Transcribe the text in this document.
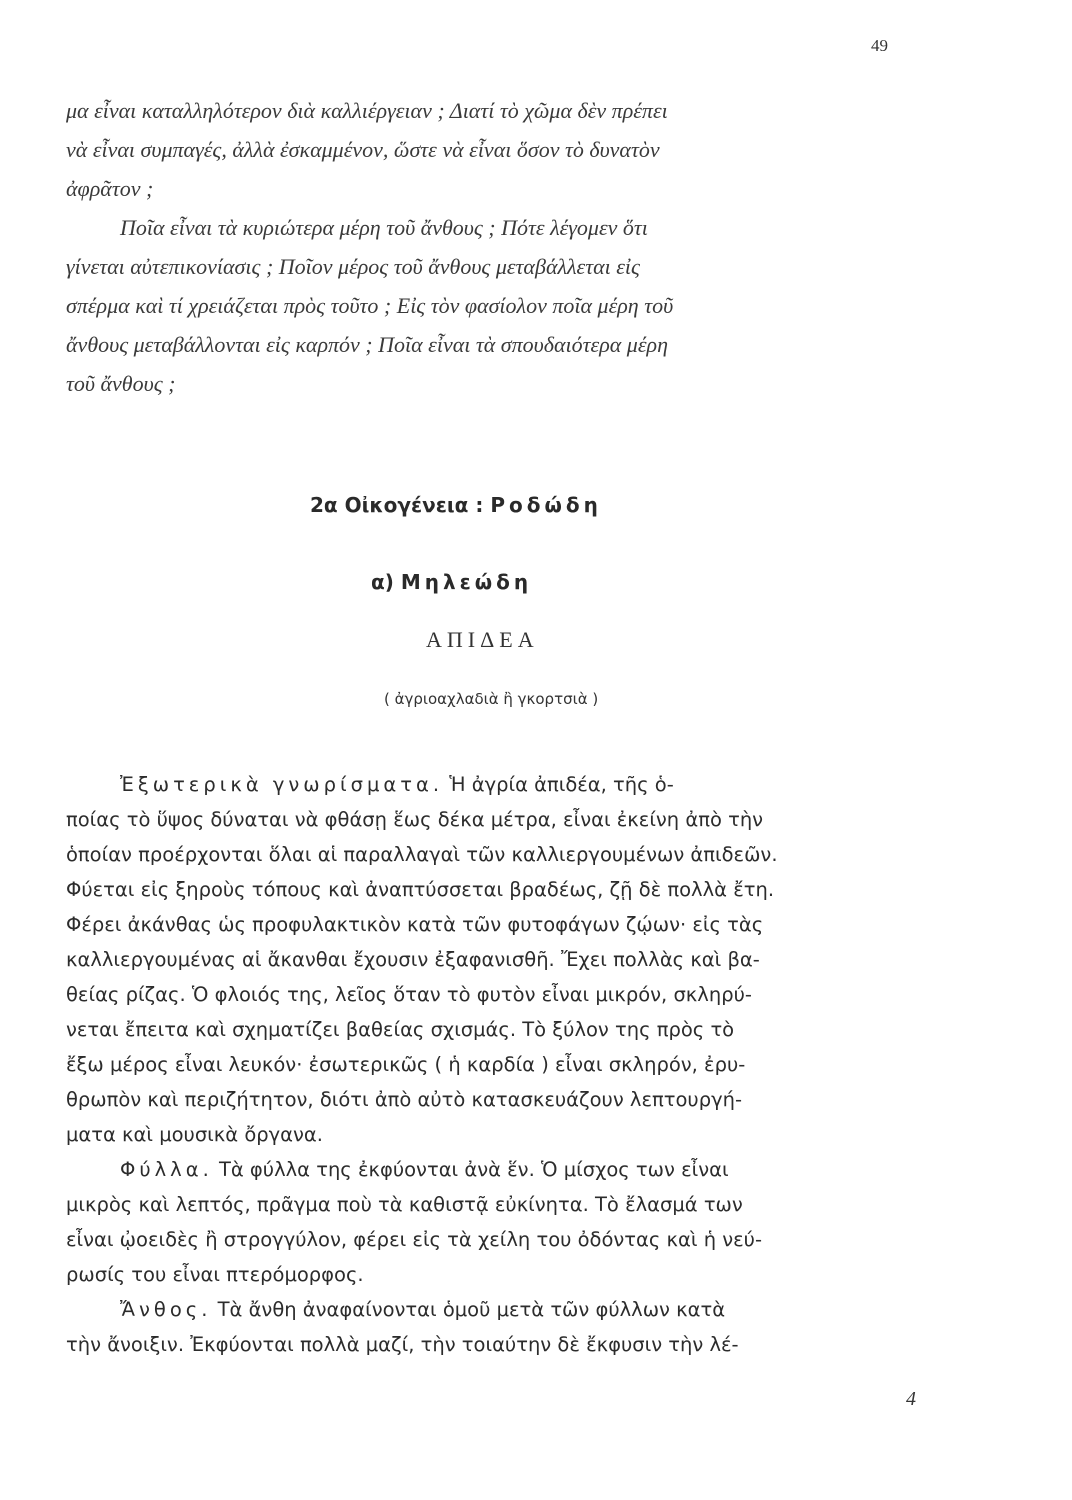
49
μα εἶναι καταλληλότερον διὰ καλλιέργειαν ; Διατί τὸ χῶμα δὲν πρέπει
νὰ εἶναι συμπαγές, ἀλλὰ ἐσκαμμένον, ὥστε νὰ εἶναι ὅσον τὸ δυνατὸν
ἀφρᾶτον ;
Ποῖα εἶναι τὰ κυριώτερα μέρη τοῦ ἄνθους ; Πότε λέγομεν ὅτι
γίνεται αὐτεπικονίασις ; Ποῖον μέρος τοῦ ἄνθους μεταβάλλεται εἰς
σπέρμα καὶ τί χρειάζεται πρὸς τοῦτο ; Εἰς τὸν φασίολον ποῖα μέρη τοῦ
ἄνθους μεταβάλλονται εἰς καρπόν ; Ποῖα εἶναι τὰ σπουδαιότερα μέρη
τοῦ ἄνθους ;
2α Οἰκογένεια : Ροδώδη
α) Μηλεώδη
ΑΠΙΔΕΑ
( ἀγριοαχλαδιὰ ἢ γκορτσιὰ )
Ἐξωτερικὰ γνωρίσματα. Ἡ ἀγρία ἀπιδέα, τῆς ὁ-
ποίας τὸ ὕψος δύναται νὰ φθάσῃ ἕως δέκα μέτρα, εἶναι ἐκείνη ἀπὸ τὴν
ὁποίαν προέρχονται ὅλαι αἱ παραλλαγαὶ τῶν καλλιεργουμένων ἀπιδεῶν.
Φύεται εἰς ξηροὺς τόπους καὶ ἀναπτύσσεται βραδέως, ζῇ δὲ πολλὰ ἔτη.
Φέρει ἀκάνθας ὡς προφυλακτικὸν κατὰ τῶν φυτοφάγων ζῴων· εἰς τὰς
καλλιεργουμένας αἱ ἄκανθαι ἔχουσιν ἐξαφανισθῆ. Ἔχει πολλὰς καὶ βα-
θείας ρίζας. Ὁ φλοιός της, λεῖος ὅταν τὸ φυτὸν εἶναι μικρόν, σκληρύ-
νεται ἔπειτα καὶ σχηματίζει βαθείας σχισμάς. Τὸ ξύλον της πρὸς τὸ
ἔξω μέρος εἶναι λευκόν· ἐσωτερικῶς ( ἡ καρδία ) εἶναι σκληρόν, ἐρυ-
θρωπὸν καὶ περιζήτητον, διότι ἀπὸ αὐτὸ κατασκευάζουν λεπτουργή-
ματα καὶ μουσικὰ ὄργανα.
Φύλλα. Τὰ φύλλα της ἐκφύονται ἀνὰ ἕν. Ὁ μίσχος των εἶναι
μικρὸς καὶ λεπτός, πρᾶγμα ποὺ τὰ καθιστᾷ εὐκίνητα. Τὸ ἔλασμά των
εἶναι ᾠοειδὲς ἢ στρογγύλον, φέρει εἰς τὰ χείλη του ὀδόντας καὶ ἡ νεύ-
ρωσίς του εἶναι πτερόμορφος.
Ἄνθος. Τὰ ἄνθη ἀναφαίνονται ὁμοῦ μετὰ τῶν φύλλων κατὰ
τὴν ἄνοιξιν. Ἐκφύονται πολλὰ μαζί, τὴν τοιαύτην δὲ ἔκφυσιν τὴν λέ-
4
